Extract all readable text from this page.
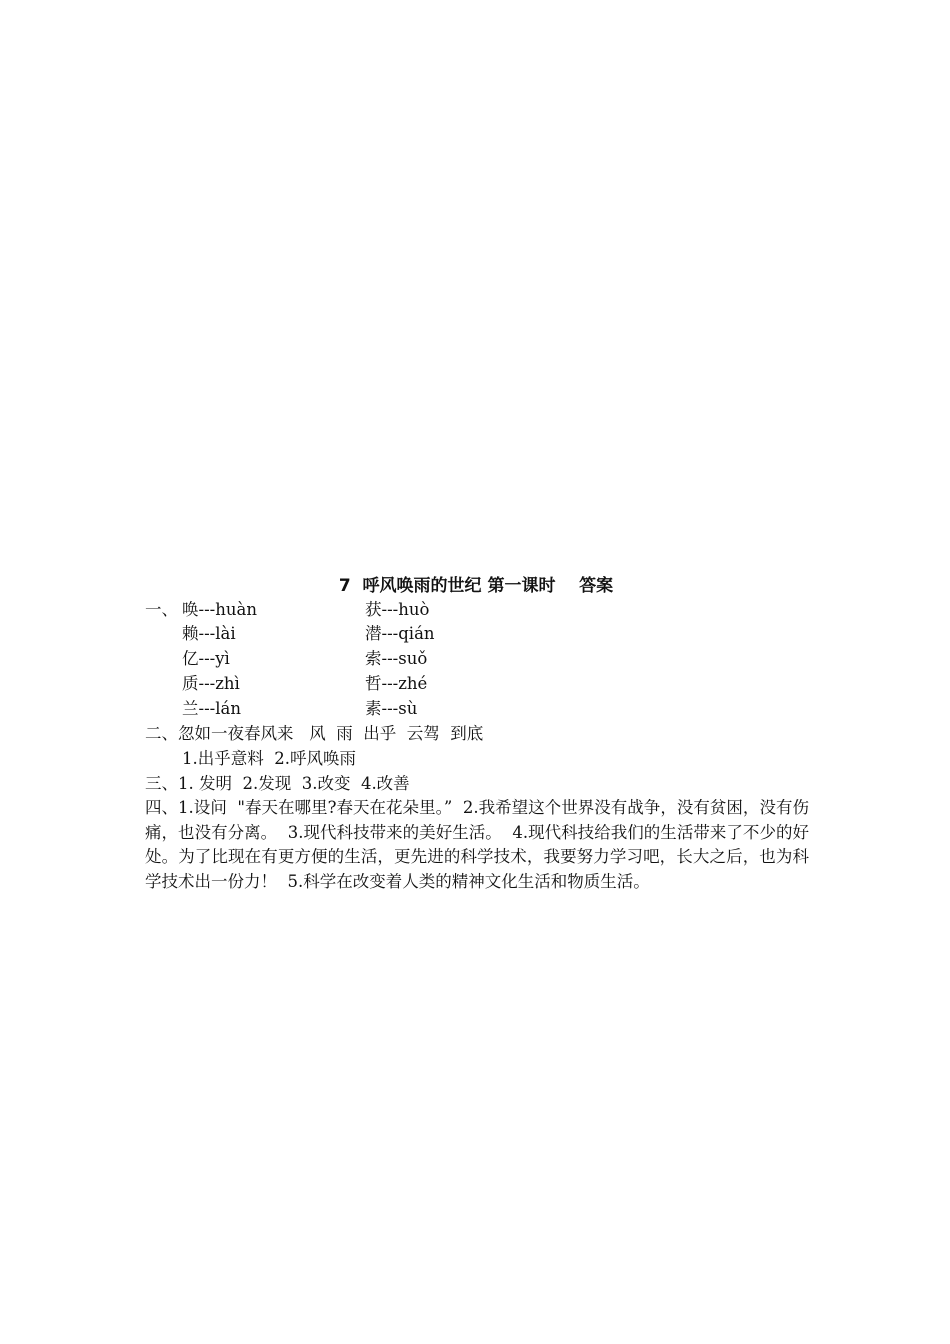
7  呼风唤雨的世纪 第一课时    答案
一、 唤---huàn	获---huò
赖---lài	潜---qián
亿---yì	索---suǒ
质---zhì	哲---zhé
兰---lán	素---sù
二、忽如一夜春风来   风  雨  出乎  云驾  到底
1.出乎意料  2.呼风唤雨
三、1. 发明  2.发现  3.改变  4.改善
四、1.设问  "春天在哪里?春天在花朵里。”  2.我希望这个世界没有战争，没有贫困，没有伤痛，也没有分离。  3.现代科技带来的美好生活。  4.现代科技给我们的生活带来了不少的好处。为了比现在有更方便的生活，更先进的科学技术，我要努力学习吧，长大之后，也为科学技术出一份力！  5.科学在改变着人类的精神文化生活和物质生活。
